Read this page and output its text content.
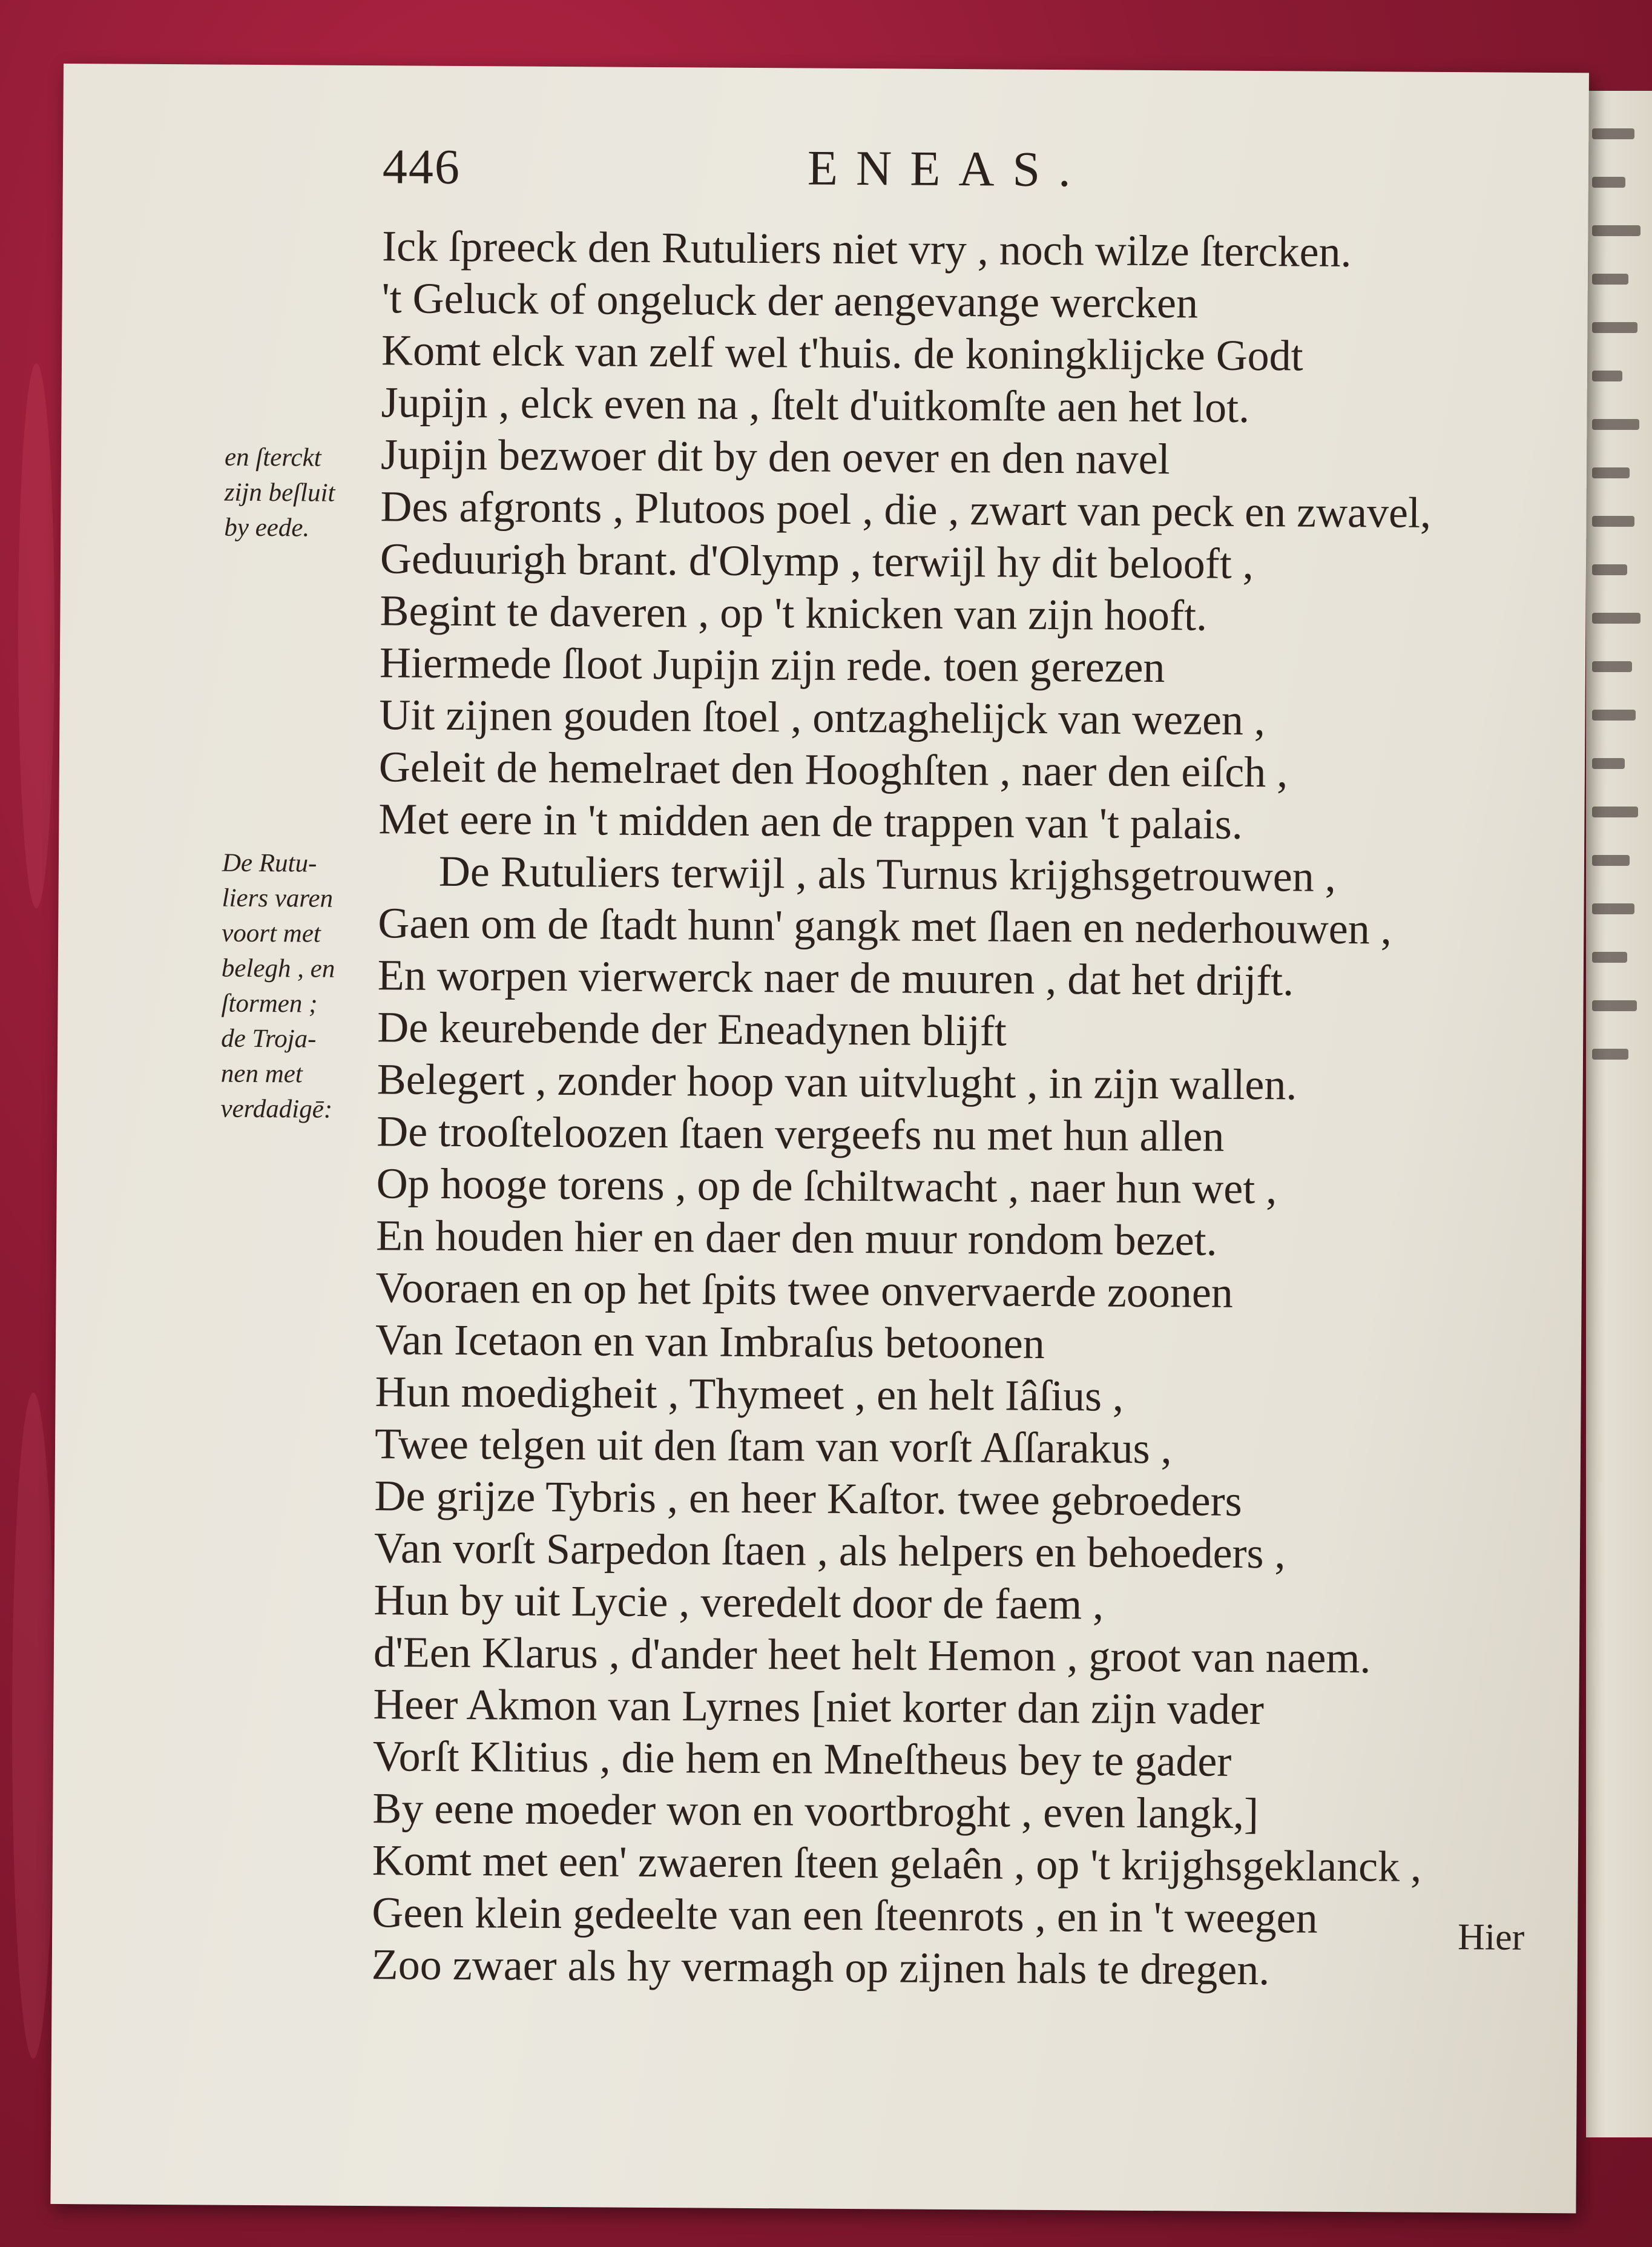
446	ENEAS.
en ſterckt
zijn beſluit
by eede.
De Rutu-
liers varen
voort met
belegh , en
ſtormen ;
de Troja-
nen met
verdadigē:
Ick ſpreeck den Rutuliers niet vry , noch wilze ſtercken.
't Geluck of ongeluck der aengevange wercken
Komt elck van zelf wel t'huis. de koningklijcke Godt
Jupijn , elck even na , ſtelt d'uitkomſte aen het lot.
Jupijn bezwoer dit by den oever en den navel
Des afgronts , Plutoos poel , die , zwart van peck en zwavel,
Geduurigh brant. d'Olymp , terwijl hy dit belooft ,
Begint te daveren , op 't knicken van zijn hooft.
Hiermede ſloot Jupijn zijn rede. toen gerezen
Uit zijnen gouden ſtoel , ontzaghelijck van wezen ,
Geleit de hemelraet den Hooghſten , naer den eiſch ,
Met eere in 't midden aen de trappen van 't palais.
De Rutuliers terwijl , als Turnus krijghsgetrouwen ,
Gaen om de ſtadt hunn' gangk met ſlaen en nederhouwen ,
En worpen vierwerck naer de muuren , dat het drijft.
De keurebende der Eneadynen blijft
Belegert , zonder hoop van uitvlught , in zijn wallen.
De trooſteloozen ſtaen vergeefs nu met hun allen
Op hooge torens , op de ſchiltwacht , naer hun wet ,
En houden hier en daer den muur rondom bezet.
Vooraen en op het ſpits twee onvervaerde zoonen
Van Icetaon en van Imbraſus betoonen
Hun moedigheit , Thymeet , en helt Iâſius ,
Twee telgen uit den ſtam van vorſt Aſſarakus ,
De grijze Tybris , en heer Kaſtor. twee gebroeders
Van vorſt Sarpedon ſtaen , als helpers en behoeders ,
Hun by uit Lycie , veredelt door de faem ,
d'Een Klarus , d'ander heet helt Hemon , groot van naem.
Heer Akmon van Lyrnes [niet korter dan zijn vader
Vorſt Klitius , die hem en Mneſtheus bey te gader
By eene moeder won en voortbroght , even langk,]
Komt met een' zwaeren ſteen gelaên , op 't krijghsgeklanck ,
Geen klein gedeelte van een ſteenrots , en in 't weegen
Zoo zwaer als hy vermagh op zijnen hals te dregen.
Hier
